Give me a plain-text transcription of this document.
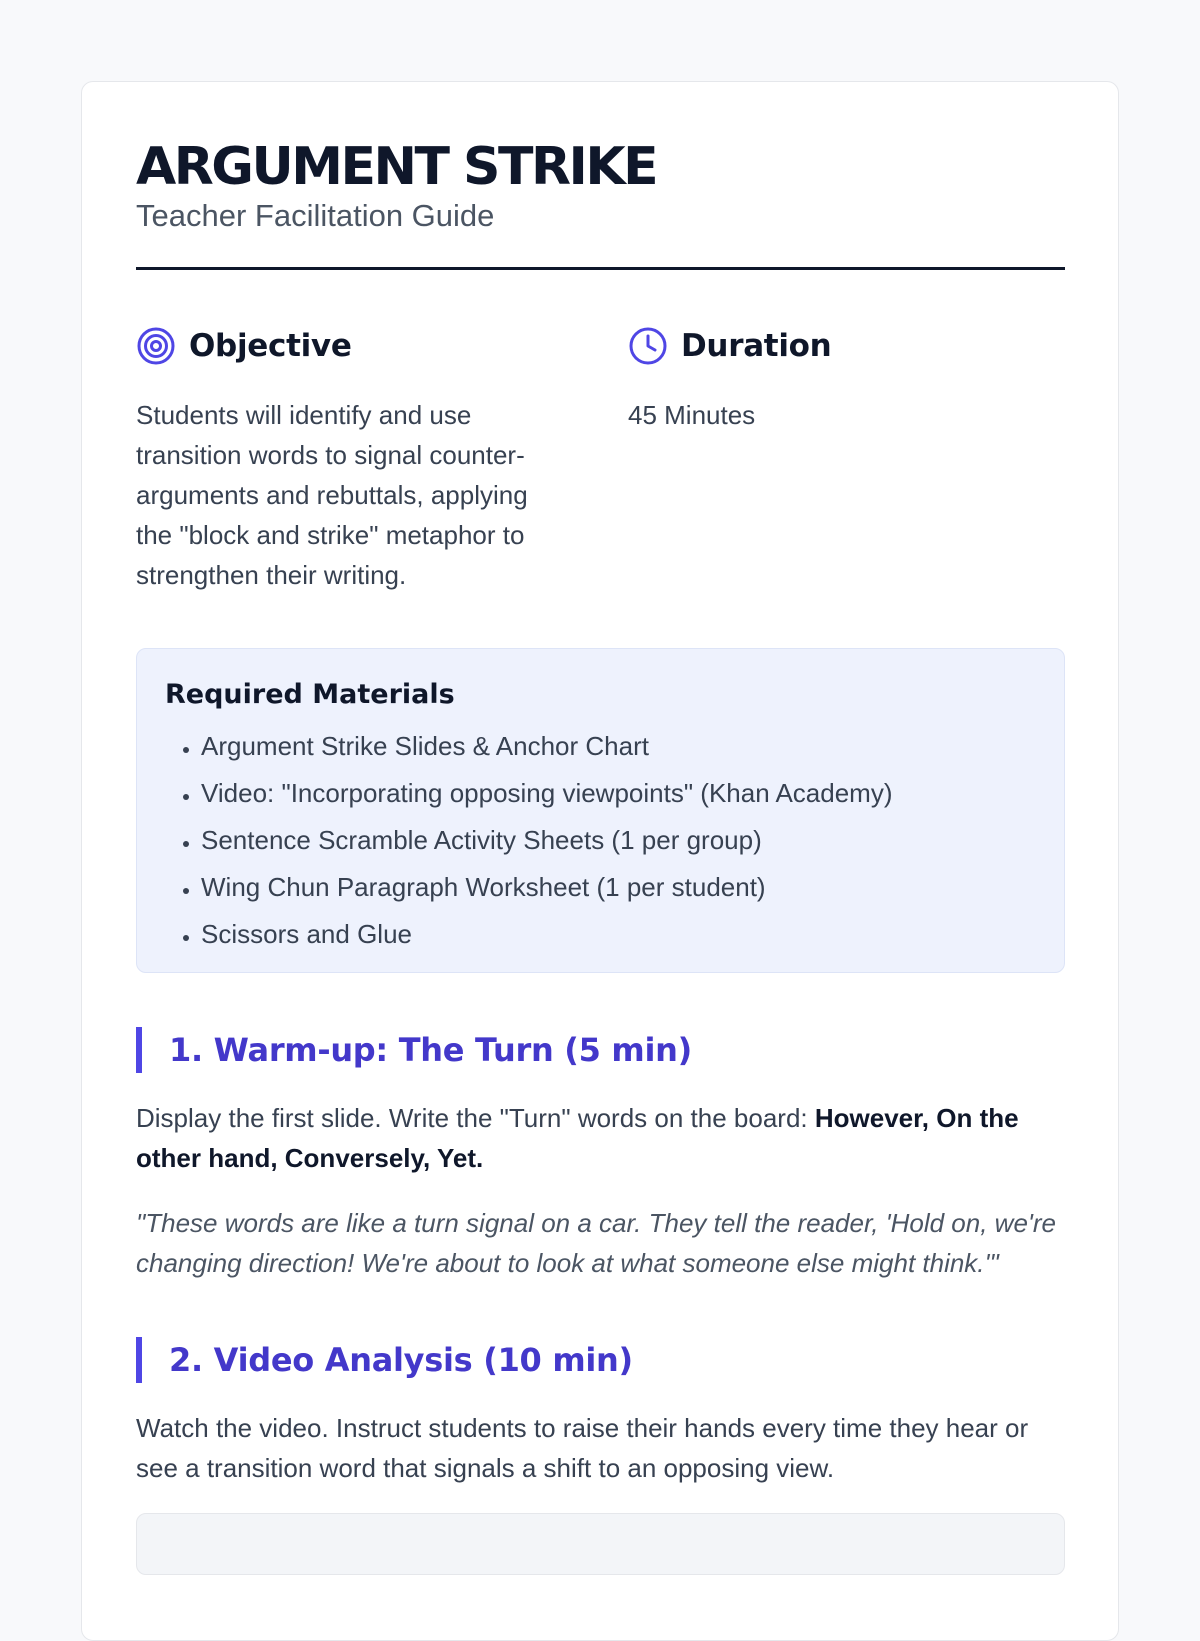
ARGUMENT STRIKE

Teacher Facilitation Guide

Objective

Students will identify and use transition words to signal counter-arguments and rebuttals, applying the "block and strike" metaphor to strengthen their writing.

Duration

45 Minutes

Required Materials
• Argument Strike Slides & Anchor Chart
• Video: "Incorporating opposing viewpoints" (Khan Academy)
• Sentence Scramble Activity Sheets (1 per group)
• Wing Chun Paragraph Worksheet (1 per student)
• Scissors and Glue
1. Warm-up: The Turn (5 min)

Display the first slide. Write the "Turn" words on the board: However, On the other hand, Conversely, Yet.

"These words are like a turn signal on a car. They tell the reader, 'Hold on, we're changing direction! We're about to look at what someone else might think.'"

2. Video Analysis (10 min)

Watch the video. Instruct students to raise their hands every time they hear or see a transition word that signals a shift to an opposing view.
